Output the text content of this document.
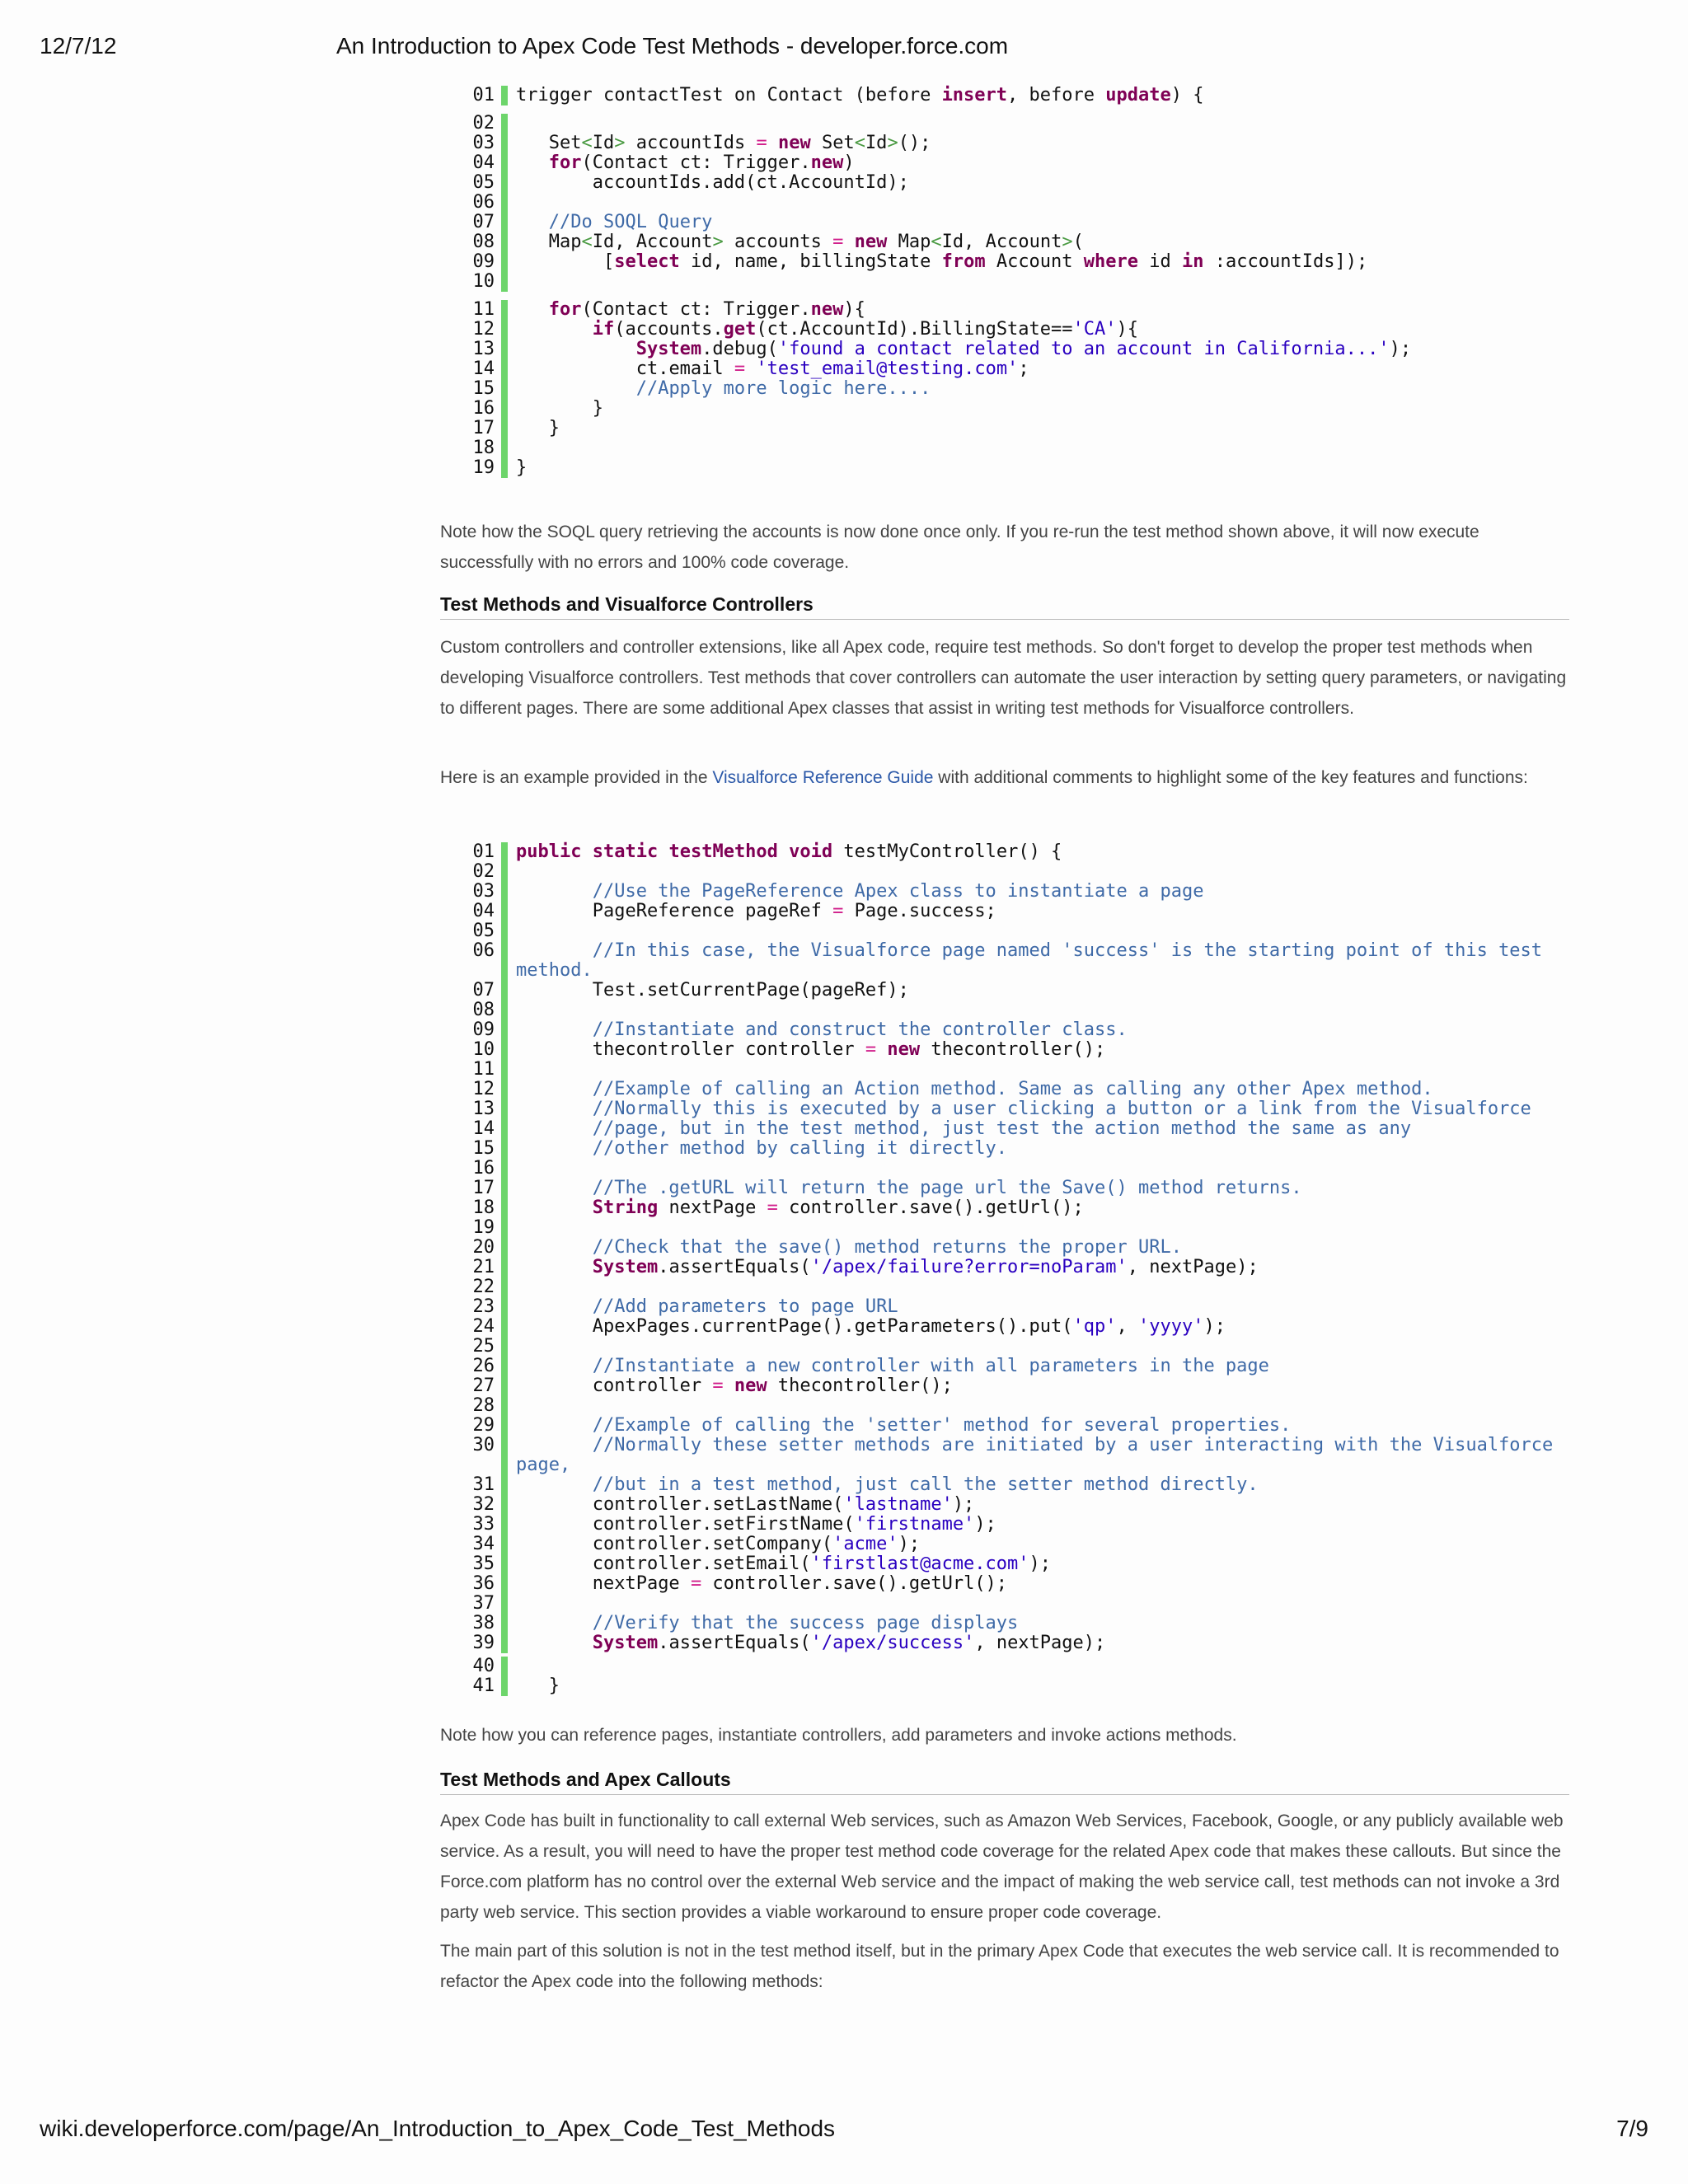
12/7/12	An Introduction to Apex Code Test Methods - developer.force.com
01	trigger contactTest on Contact (before insert, before update) {
02

03	Set<Id> accountIds = new Set<Id>();
04	for(Contact ct: Trigger.new)
05	accountIds.add(ct.AccountId);
06

07	//Do SOQL Query
08	Map<Id, Account> accounts = new Map<Id, Account>(
09	[select id, name, billingState from Account where id in :accountIds]);
10

11	for(Contact ct: Trigger.new){
12	if(accounts.get(ct.AccountId).BillingState=='CA'){
13	System.debug('found a contact related to an account in California...');
14	ct.email = 'test_email@testing.com';
15	//Apply more logic here....
16	}
17	}
18

19	}

Note how the SOQL query retrieving the accounts is now done once only. If you re-run the test method shown above, it will now execute successfully with no errors and 100% code coverage.

Test Methods and Visualforce Controllers

Custom controllers and controller extensions, like all Apex code, require test methods. So don't forget to develop the proper test methods when developing Visualforce controllers. Test methods that cover controllers can automate the user interaction by setting query parameters, or navigating to different pages. There are some additional Apex classes that assist in writing test methods for Visualforce controllers.

Here is an example provided in the Visualforce Reference Guide with additional comments to highlight some of the key features and functions:

01	public static testMethod void testMyController() {
02

03	//Use the PageReference Apex class to instantiate a page
04	PageReference pageRef = Page.success;
05

06	//In this case, the Visualforce page named 'success' is the starting point of this test method.
07	Test.setCurrentPage(pageRef);
08

09	//Instantiate and construct the controller class.
10	thecontroller controller = new thecontroller();
11

12	//Example of calling an Action method. Same as calling any other Apex method.
13	//Normally this is executed by a user clicking a button or a link from the Visualforce
14	//page, but in the test method, just test the action method the same as any
15	//other method by calling it directly.
16

17	//The .getURL will return the page url the Save() method returns.
18	String nextPage = controller.save().getUrl();
19

20	//Check that the save() method returns the proper URL.
21	System.assertEquals('/apex/failure?error=noParam', nextPage);
22

23	//Add parameters to page URL
24	ApexPages.currentPage().getParameters().put('qp', 'yyyy');
25

26	//Instantiate a new controller with all parameters in the page
27	controller = new thecontroller();
28

29	//Example of calling the 'setter' method for several properties.
30	//Normally these setter methods are initiated by a user interacting with the Visualforce page,
31	//but in a test method, just call the setter method directly.
32	controller.setLastName('lastname');
33	controller.setFirstName('firstname');
34	controller.setCompany('acme');
35	controller.setEmail('firstlast@acme.com');
36	nextPage = controller.save().getUrl();
37

38	//Verify that the success page displays
39	System.assertEquals('/apex/success', nextPage);
40

41	}

Note how you can reference pages, instantiate controllers, add parameters and invoke actions methods.

Test Methods and Apex Callouts

Apex Code has built in functionality to call external Web services, such as Amazon Web Services, Facebook, Google, or any publicly available web service. As a result, you will need to have the proper test method code coverage for the related Apex code that makes these callouts. But since the Force.com platform has no control over the external Web service and the impact of making the web service call, test methods can not invoke a 3rd party web service. This section provides a viable workaround to ensure proper code coverage.

The main part of this solution is not in the test method itself, but in the primary Apex Code that executes the web service call. It is recommended to refactor the Apex code into the following methods:

wiki.developerforce.com/page/An_Introduction_to_Apex_Code_Test_Methods	7/9
